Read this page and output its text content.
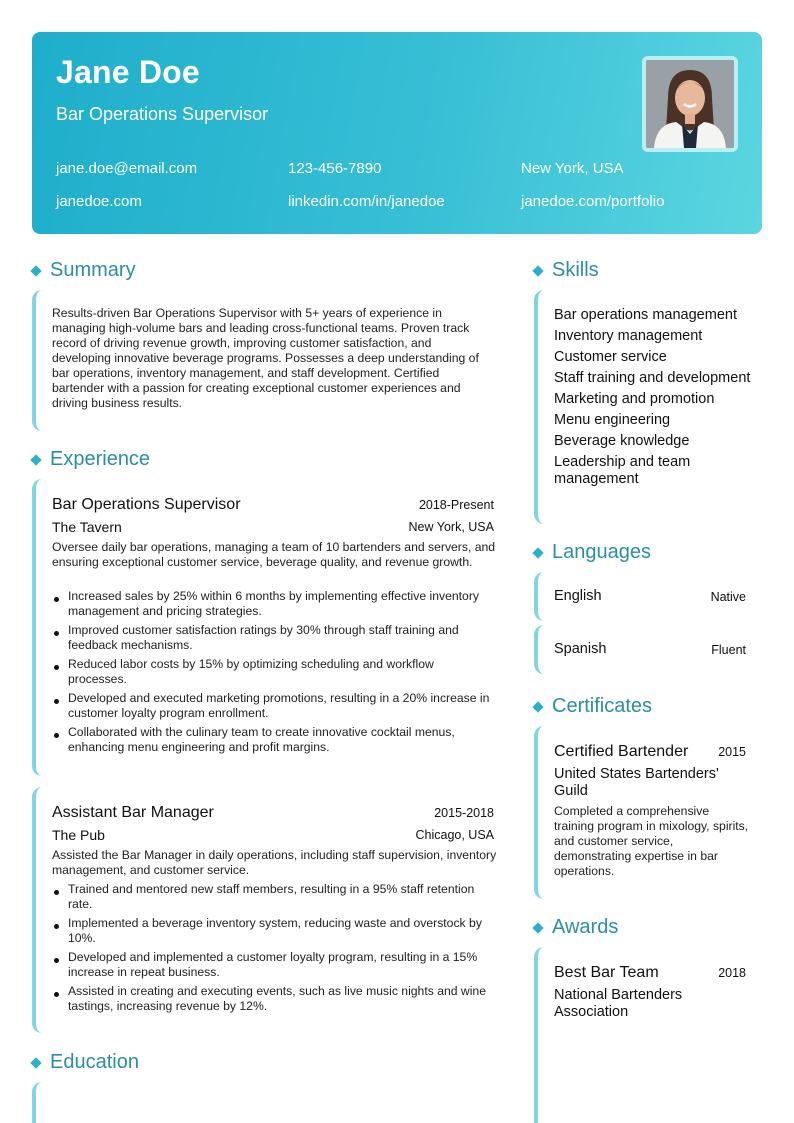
Jane Doe
Bar Operations Supervisor
jane.doe@email.com	123-456-7890	New York, USA
janedoe.com	linkedin.com/in/janedoe	janedoe.com/portfolio
Summary
Results-driven Bar Operations Supervisor with 5+ years of experience in managing high-volume bars and leading cross-functional teams. Proven track record of driving revenue growth, improving customer satisfaction, and developing innovative beverage programs. Possesses a deep understanding of bar operations, inventory management, and staff development. Certified bartender with a passion for creating exceptional customer experiences and driving business results.
Experience
Bar Operations Supervisor	2018-Present
The Tavern	New York, USA
Oversee daily bar operations, managing a team of 10 bartenders and servers, and ensuring exceptional customer service, beverage quality, and revenue growth.
Increased sales by 25% within 6 months by implementing effective inventory management and pricing strategies.
Improved customer satisfaction ratings by 30% through staff training and feedback mechanisms.
Reduced labor costs by 15% by optimizing scheduling and workflow processes.
Developed and executed marketing promotions, resulting in a 20% increase in customer loyalty program enrollment.
Collaborated with the culinary team to create innovative cocktail menus, enhancing menu engineering and profit margins.
Assistant Bar Manager	2015-2018
The Pub	Chicago, USA
Assisted the Bar Manager in daily operations, including staff supervision, inventory management, and customer service.
Trained and mentored new staff members, resulting in a 95% staff retention rate.
Implemented a beverage inventory system, reducing waste and overstock by 10%.
Developed and implemented a customer loyalty program, resulting in a 15% increase in repeat business.
Assisted in creating and executing events, such as live music nights and wine tastings, increasing revenue by 12%.
Education
Skills
Bar operations management
Inventory management
Customer service
Staff training and development
Marketing and promotion
Menu engineering
Beverage knowledge
Leadership and team management
Languages
English	Native
Spanish	Fluent
Certificates
Certified Bartender 2015
United States Bartenders' Guild
Completed a comprehensive training program in mixology, spirits, and customer service, demonstrating expertise in bar operations.
Awards
Best Bar Team	2018
National Bartenders Association
